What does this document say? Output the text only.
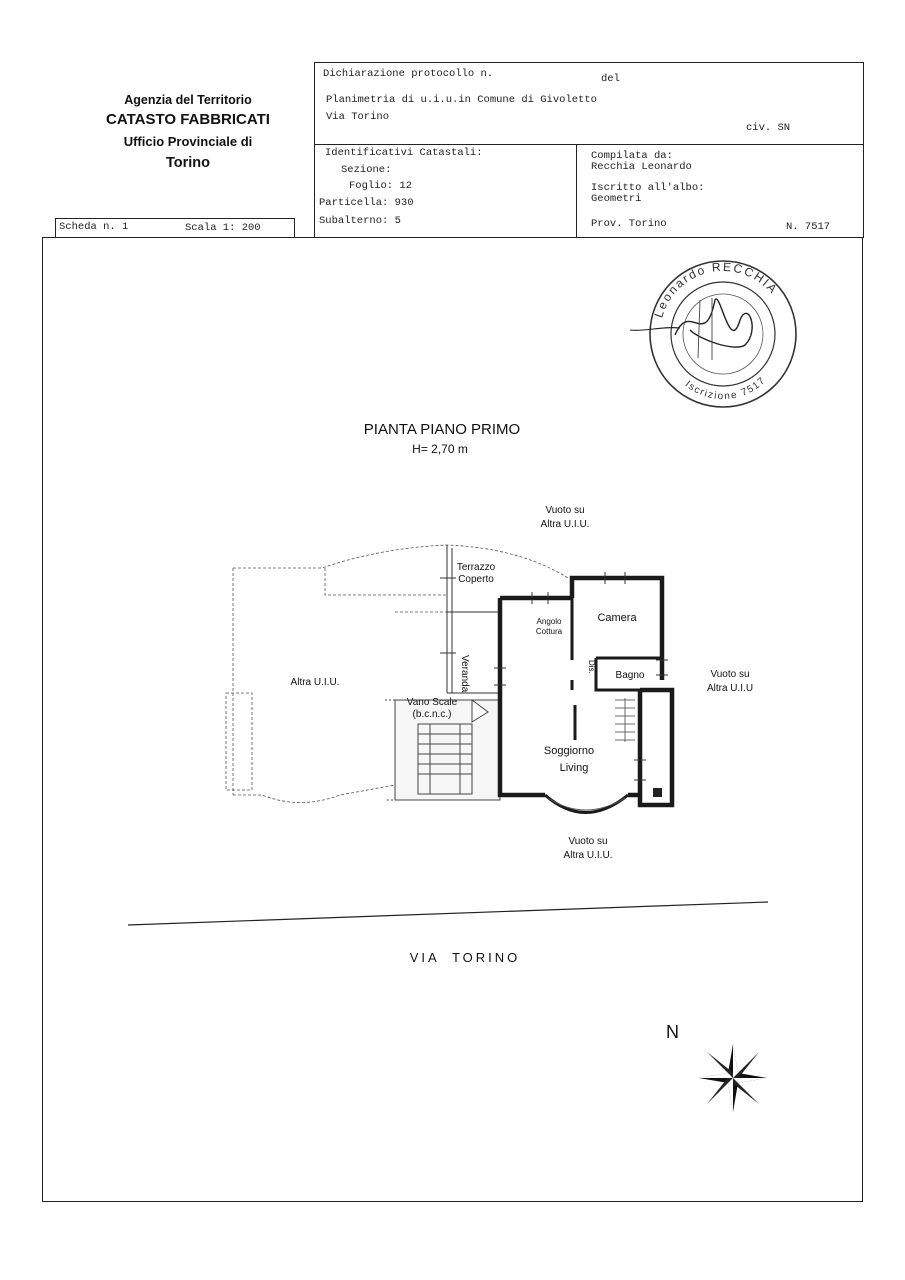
Agenzia del Territorio
CATASTO FABBRICATI
Ufficio Provinciale di
Torino
Dichiarazione protocollo n.	del
Planimetria di u.i.u.in Comune di Givoletto
Via Torino
civ. SN
Identificativi Catastali:
Sezione:
Foglio: 12
Particella: 930
Subalterno: 5
Compilata da:
Recchia Leonardo
Iscritto all'albo:
Geometri
Prov. Torino	N. 7517
Scheda n. 1	Scala 1: 200
Leonardo RECCHIA
Iscrizione 7517
PIANTA PIANO PRIMO
H= 2,70 m
Vuoto su
Altra U.I.U.
Terrazzo
Coperto
Angolo
Cottura
Camera
Veranda	Dis.
Bagno	Vuoto su
Altra U.I.U
Altra U.I.U.
Vano Scale
(b.c.n.c.)
Soggiorno
Living
Vuoto su
Altra U.I.U.
VIA  TORINO
N
